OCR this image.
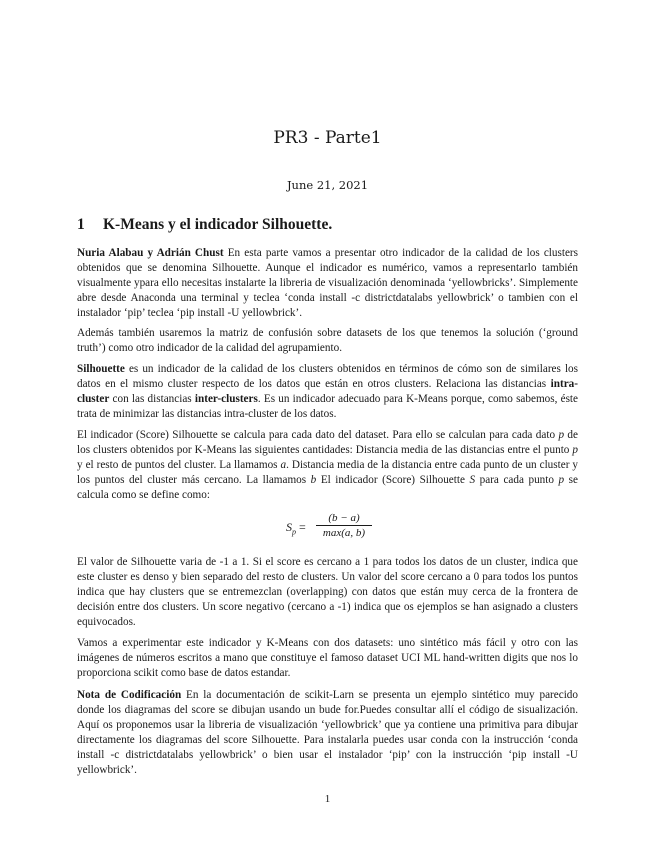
PR3 - Parte1
June 21, 2021
1 K-Means y el indicador Silhouette.
Nuria Alabau y Adrián Chust En esta parte vamos a presentar otro indicador de la calidad de los clusters obtenidos que se denomina Silhouette. Aunque el indicador es numérico, vamos a representarlo también visualmente ypara ello necesitas instalarte la libreria de visualización denominada ‘yellowbricks’. Simplemente abre desde Anaconda una terminal y teclea ‘conda install -c districtdatalabs yellowbrick’ o tambien con el instalador ‘pip’ teclea ‘pip install -U yellowbrick’.
Además también usaremos la matriz de confusión sobre datasets de los que tenemos la solución (‘ground truth’) como otro indicador de la calidad del agrupamiento.
Silhouette es un indicador de la calidad de los clusters obtenidos en términos de cómo son de similares los datos en el mismo cluster respecto de los datos que están en otros clusters. Relaciona las distancias intra-cluster con las distancias inter-clusters. Es un indicador adecuado para K-Means porque, como sabemos, éste trata de minimizar las distancias intra-cluster de los datos.
El indicador (Score) Silhouette se calcula para cada dato del dataset. Para ello se calculan para cada dato p de los clusters obtenidos por K-Means las siguientes cantidades: Distancia media de las distancias entre el punto p y el resto de puntos del cluster. La llamamos a. Distancia media de la distancia entre cada punto de un cluster y los puntos del cluster más cercano. La llamamos b El indicador (Score) Silhouette S para cada punto p se calcula como se define como:
$S_p$ =
(b − a)
max(a, b)
El valor de Silhouette varia de -1 a 1. Si el score es cercano a 1 para todos los datos de un cluster, indica que este cluster es denso y bien separado del resto de clusters. Un valor del score cercano a 0 para todos los puntos indica que hay clusters que se entremezclan (overlapping) con datos que están muy cerca de la frontera de decisión entre dos clusters. Un score negativo (cercano a -1) indica que os ejemplos se han asignado a clusters equivocados.
Vamos a experimentar este indicador y K-Means con dos datasets: uno sintético más fácil y otro con las imágenes de números escritos a mano que constituye el famoso dataset UCI ML hand-written digits que nos lo proporciona scikit como base de datos estandar.
Nota de Codificación En la documentación de scikit-Larn se presenta un ejemplo sintético muy parecido donde los diagramas del score se dibujan usando un bude for.Puedes consultar allí el código de sisualización. Aquí os proponemos usar la libreria de visualización ‘yellowbrick’ que ya contiene una primitiva para dibujar directamente los diagramas del score Silhouette. Para instalarla puedes usar conda con la instrucción ‘conda install -c districtdatalabs yellowbrick’ o bien usar el instalador ‘pip’ con la instrucción ‘pip install -U yellowbrick’.
1
